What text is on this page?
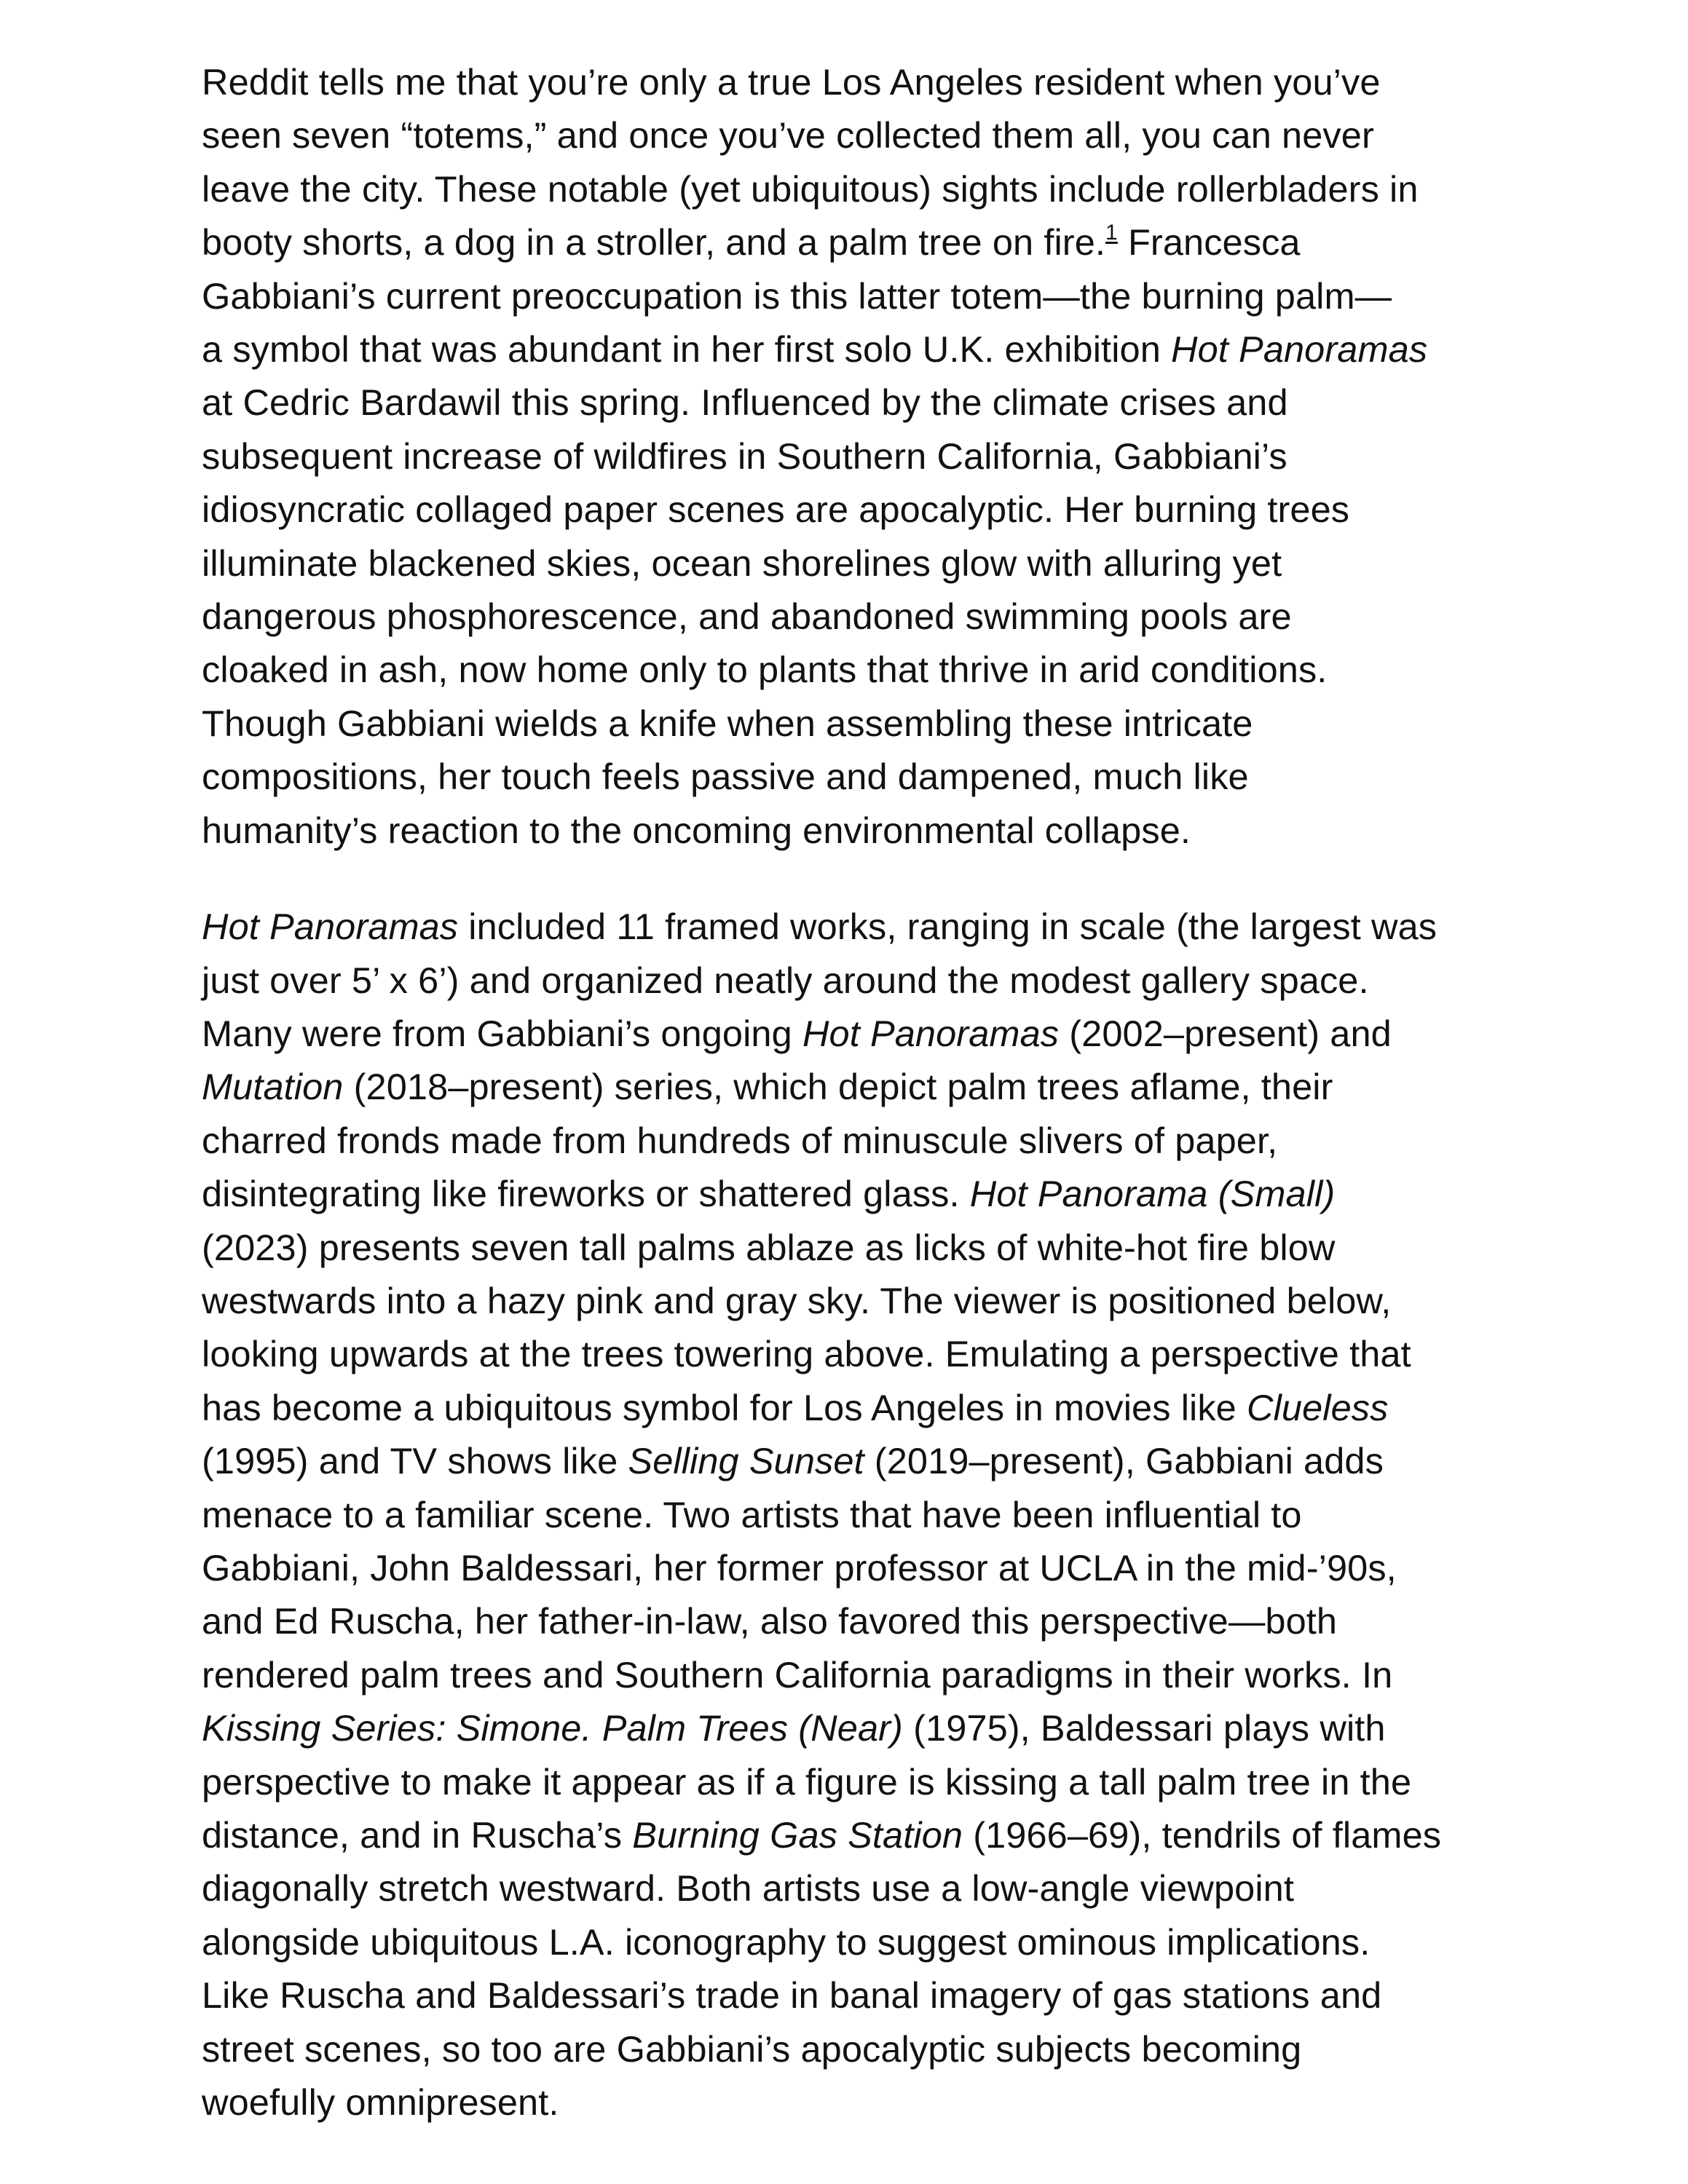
Reddit tells me that you’re only a true Los Angeles resident when you’ve
seen seven “totems,” and once you’ve collected them all, you can never
leave the city. These notable (yet ubiquitous) sights include rollerbladers in
booty shorts, a dog in a stroller, and a palm tree on fire.$^1$ Francesca
Gabbiani’s current preoccupation is this latter totem—the burning palm—
a symbol that was abundant in her first solo U.K. exhibition Hot Panoramas
at Cedric Bardawil this spring. Influenced by the climate crises and
subsequent increase of wildfires in Southern California, Gabbiani’s
idiosyncratic collaged paper scenes are apocalyptic. Her burning trees
illuminate blackened skies, ocean shorelines glow with alluring yet
dangerous phosphorescence, and abandoned swimming pools are
cloaked in ash, now home only to plants that thrive in arid conditions.
Though Gabbiani wields a knife when assembling these intricate
compositions, her touch feels passive and dampened, much like
humanity’s reaction to the oncoming environmental collapse.

Hot Panoramas included 11 framed works, ranging in scale (the largest was
just over 5’ x 6’) and organized neatly around the modest gallery space.
Many were from Gabbiani’s ongoing Hot Panoramas (2002–present) and
Mutation (2018–present) series, which depict palm trees aflame, their
charred fronds made from hundreds of minuscule slivers of paper,
disintegrating like fireworks or shattered glass. Hot Panorama (Small)
(2023) presents seven tall palms ablaze as licks of white-hot fire blow
westwards into a hazy pink and gray sky. The viewer is positioned below,
looking upwards at the trees towering above. Emulating a perspective that
has become a ubiquitous symbol for Los Angeles in movies like Clueless
(1995) and TV shows like Selling Sunset (2019–present), Gabbiani adds
menace to a familiar scene. Two artists that have been influential to
Gabbiani, John Baldessari, her former professor at UCLA in the mid-’90s,
and Ed Ruscha, her father-in-law, also favored this perspective—both
rendered palm trees and Southern California paradigms in their works. In
Kissing Series: Simone. Palm Trees (Near) (1975), Baldessari plays with
perspective to make it appear as if a figure is kissing a tall palm tree in the
distance, and in Ruscha’s Burning Gas Station (1966–69), tendrils of flames
diagonally stretch westward. Both artists use a low-angle viewpoint
alongside ubiquitous L.A. iconography to suggest ominous implications.
Like Ruscha and Baldessari’s trade in banal imagery of gas stations and
street scenes, so too are Gabbiani’s apocalyptic subjects becoming
woefully omnipresent.
